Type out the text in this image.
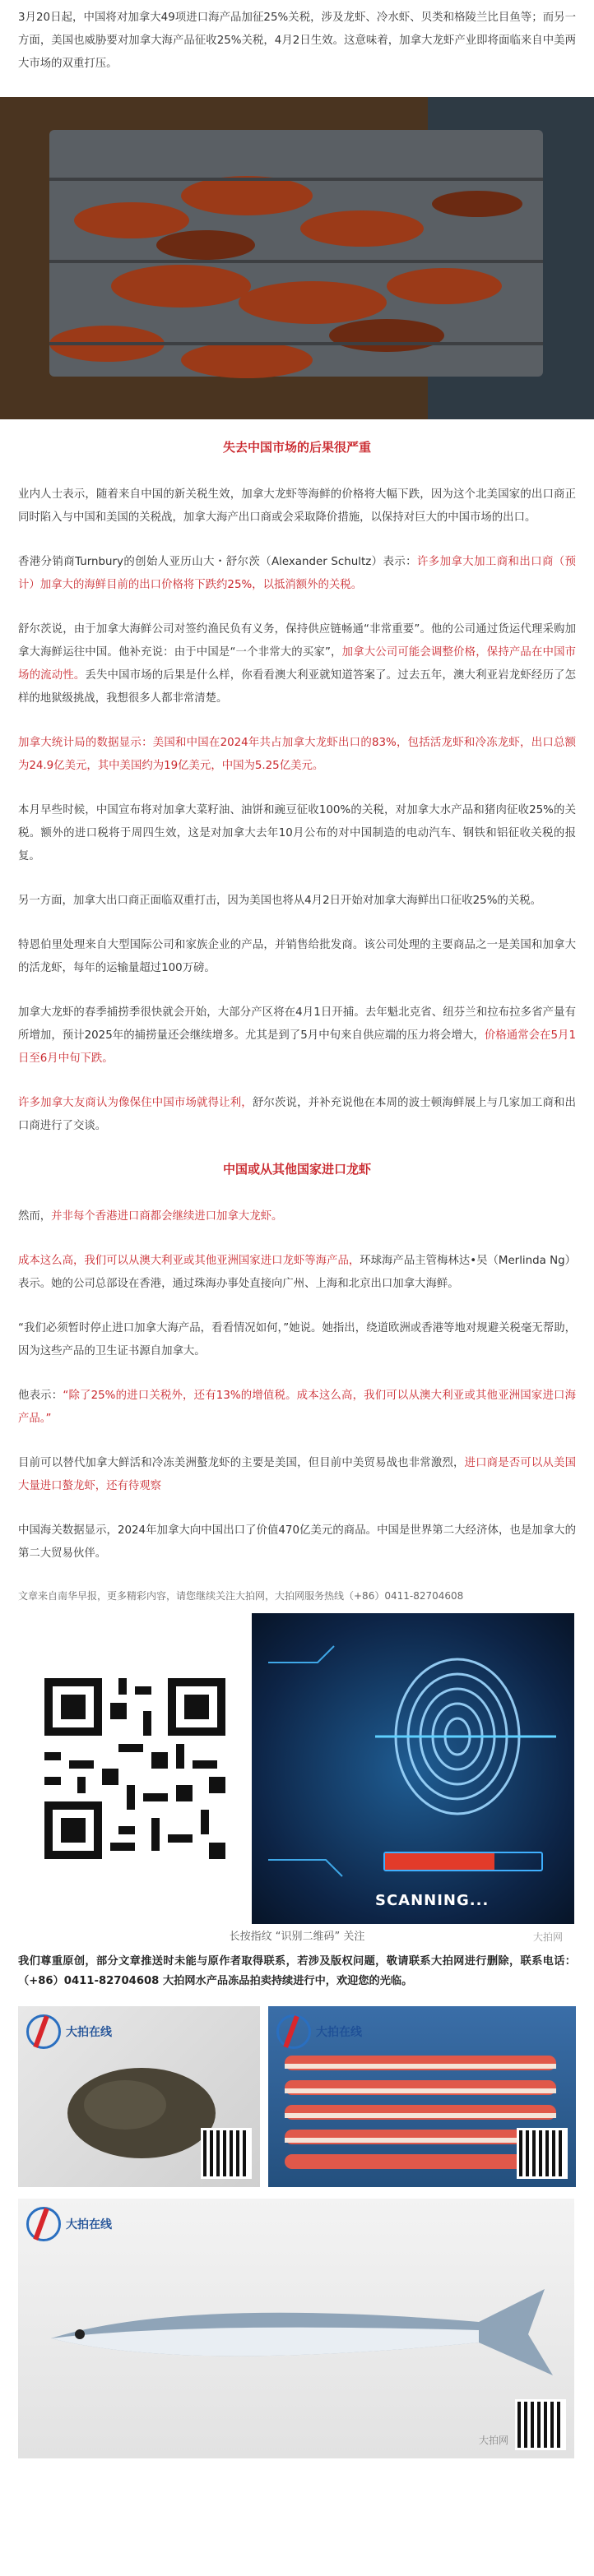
3月20日起，中国将对加拿大49项进口海产品加征25%关税，涉及龙虾、冷水虾、贝类和格陵兰比目鱼等；而另一方面，美国也威胁要对加拿大海产品征收25%关税，4月2日生效。这意味着，加拿大龙虾产业即将面临来自中美两大市场的双重打压。

失去中国市场的后果很严重

业内人士表示，随着来自中国的新关税生效，加拿大龙虾等海鲜的价格将大幅下跌，因为这个北美国家的出口商正同时陷入与中国和美国的关税战，加拿大海产出口商或会采取降价措施，以保持对巨大的中国市场的出口。

香港分销商Turnbury的创始人亚历山大・舒尔茨（Alexander Schultz）表示：许多加拿大加工商和出口商（预计）加拿大的海鲜目前的出口价格将下跌约25%，以抵消额外的关税。

舒尔茨说，由于加拿大海鲜公司对签约渔民负有义务，保持供应链畅通“非常重要”。他的公司通过货运代理采购加拿大海鲜运往中国。他补充说：由于中国是“一个非常大的买家”，加拿大公司可能会调整价格，保持产品在中国市场的流动性。丢失中国市场的后果是什么样，你看看澳大利亚就知道答案了。过去五年，澳大利亚岩龙虾经历了怎样的地狱级挑战，我想很多人都非常清楚。

加拿大统计局的数据显示：美国和中国在2024年共占加拿大龙虾出口的83%，包括活龙虾和冷冻龙虾，出口总额为24.9亿美元，其中美国约为19亿美元，中国为5.25亿美元。

本月早些时候，中国宣布将对加拿大菜籽油、油饼和豌豆征收100%的关税，对加拿大水产品和猪肉征收25%的关税。额外的进口税将于周四生效，这是对加拿大去年10月公布的对中国制造的电动汽车、钢铁和铝征收关税的报复。

另一方面，加拿大出口商正面临双重打击，因为美国也将从4月2日开始对加拿大海鲜出口征收25%的关税。

特恩伯里处理来自大型国际公司和家族企业的产品，并销售给批发商。该公司处理的主要商品之一是美国和加拿大的活龙虾，每年的运输量超过100万磅。

加拿大龙虾的春季捕捞季很快就会开始，大部分产区将在4月1日开捕。去年魁北克省、纽芬兰和拉布拉多省产量有所增加，预计2025年的捕捞量还会继续增多。尤其是到了5月中旬来自供应端的压力将会增大，价格通常会在5月1日至6月中旬下跌。

许多加拿大友商认为像保住中国市场就得让利，舒尔茨说，并补充说他在本周的波士顿海鲜展上与几家加工商和出口商进行了交谈。

中国或从其他国家进口龙虾

然而，并非每个香港进口商都会继续进口加拿大龙虾。

成本这么高，我们可以从澳大利亚或其他亚洲国家进口龙虾等海产品，环球海产品主管梅林达•吴（Merlinda Ng）表示。她的公司总部设在香港，通过珠海办事处直接向广州、上海和北京出口加拿大海鲜。

“我们必须暂时停止进口加拿大海产品，看看情况如何，”她说。她指出，绕道欧洲或香港等地对规避关税毫无帮助，因为这些产品的卫生证书源自加拿大。

他表示：“除了25%的进口关税外，还有13%的增值税。成本这么高，我们可以从澳大利亚或其他亚洲国家进口海产品。”

目前可以替代加拿大鲜活和冷冻美洲螯龙虾的主要是美国，但目前中美贸易战也非常激烈，进口商是否可以从美国大量进口螯龙虾，还有待观察

中国海关数据显示，2024年加拿大向中国出口了价值470亿美元的商品。中国是世界第二大经济体，也是加拿大的第二大贸易伙伴。

文章来自南华早报，更多精彩内容，请您继续关注大拍网，大拍网服务热线（+86）0411-82704608
SCANNING...
大拍网
长按指纹 “识别二维码” 关注
我们尊重原创，部分文章推送时未能与原作者取得联系，若涉及版权问题，敬请联系大拍网进行删除，联系电话：（+86）0411-82704608 大拍网水产品冻品拍卖持续进行中，欢迎您的光临。
大拍在线	大拍在线
大拍在线
大拍网
